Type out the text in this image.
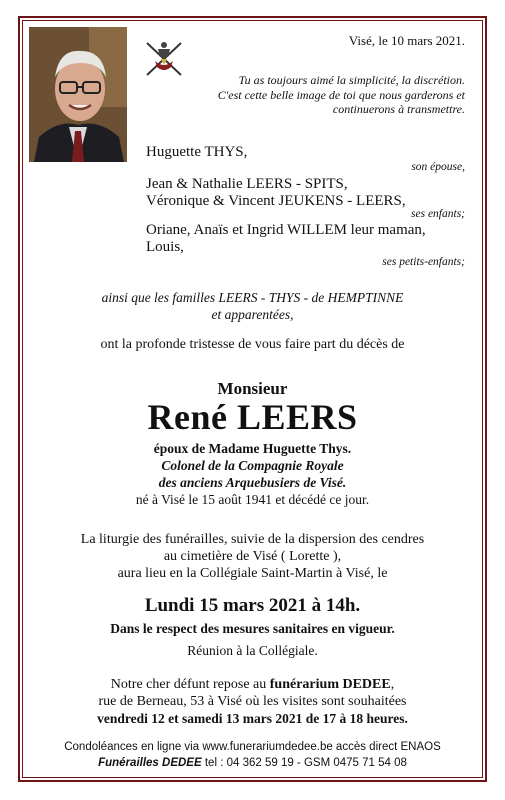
Visé, le 10 mars 2021.
Tu as toujours aimé la simplicité, la discrétion.
C'est cette belle image de toi que nous garderons et
continuerons à transmettre.
Huguette THYS,
son épouse,
Jean & Nathalie LEERS - SPITS,
Véronique & Vincent JEUKENS - LEERS,
ses enfants;
Oriane, Anaïs et Ingrid WILLEM leur maman,
Louis,
ses petits-enfants;
ainsi que les familles LEERS - THYS - de HEMPTINNE
et apparentées,
ont la profonde tristesse de vous faire part du décès de
Monsieur
René LEERS
époux de Madame Huguette Thys.
Colonel de la Compagnie Royale
des anciens Arquebusiers de Visé.
né à Visé le 15 août 1941 et décédé ce jour.
La liturgie des funérailles, suivie de la dispersion des cendres
au cimetière de Visé ( Lorette ),
aura lieu en la Collégiale Saint-Martin à Visé, le
Lundi 15 mars 2021 à 14h.
Dans le respect des mesures sanitaires en vigueur.
Réunion à la Collégiale.
Notre cher défunt repose au funérarium DEDEE,
rue de Berneau, 53 à Visé où les visites sont souhaitées
vendredi 12 et samedi 13 mars 2021 de 17 à 18 heures.
Condoléances en ligne via www.funerariumdedee.be accès direct ENAOS
Funérailles DEDEE tel : 04 362 59 19 - GSM 0475 71 54 08
